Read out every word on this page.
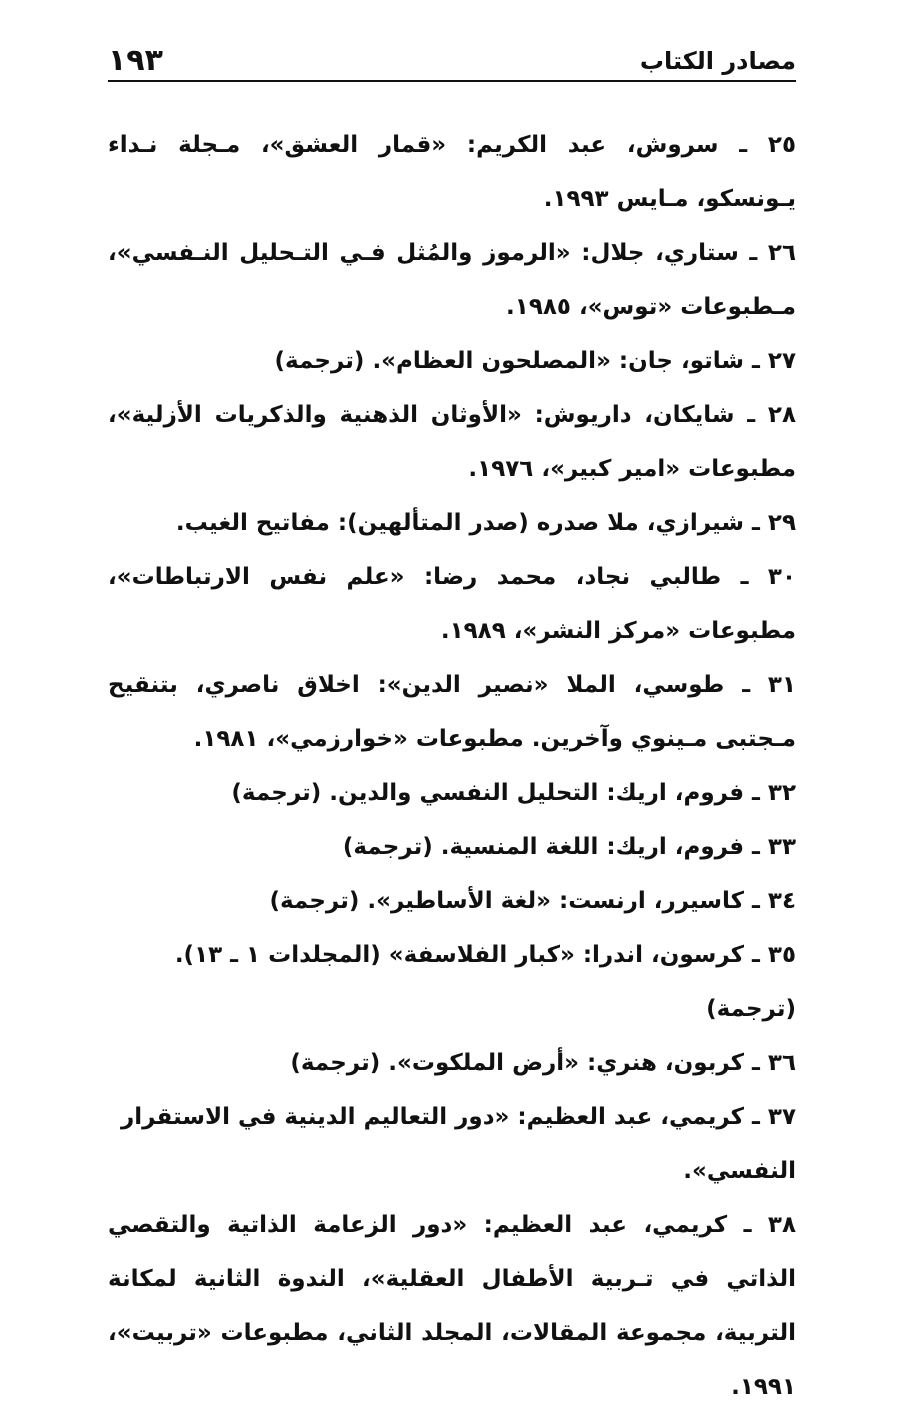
مصادر الكتاب
١٩٣

٢٥ ـ سروش، عبد الكريم: «قمار العشق»، مـجلة نـداء يـونسكو، مـايس ١٩٩٣.

٢٦ ـ ستاري، جلال: «الرموز والمُثل فـي التـحليل النـفسي»، مـطبوعات «توس»، ١٩٨٥.

٢٧ ـ شاتو، جان: «المصلحون العظام». (ترجمة)

٢٨ ـ شايكان، داريوش: «الأوثان الذهنية والذكريات الأزلية»، مطبوعات «امير كبير»، ١٩٧٦.

٢٩ ـ شيرازي، ملا صدره (صدر المتألهين): مفاتيح الغيب.

٣٠ ـ طالبي نجاد، محمد رضا: «علم نفس الارتباطات»، مطبوعات «مركز النشر»، ١٩٨٩.

٣١ ـ طوسي، الملا «نصير الدين»: اخلاق ناصري، بتنقيح مـجتبى مـينوي وآخرين. مطبوعات «خوارزمي»، ١٩٨١.

٣٢ ـ فروم، اريك: التحليل النفسي والدين. (ترجمة)

٣٣ ـ فروم، اريك: اللغة المنسية. (ترجمة)

٣٤ ـ كاسيرر، ارنست: «لغة الأساطير». (ترجمة)

٣٥ ـ كرسون، اندرا: «كبار الفلاسفة» (المجلدات ١ ـ ١٣). (ترجمة)

٣٦ ـ كربون، هنري: «أرض الملكوت». (ترجمة)

٣٧ ـ كريمي، عبد العظيم: «دور التعاليم الدينية في الاستقرار النفسي».

٣٨ ـ كريمي، عبد العظيم: «دور الزعامة الذاتية والتقصي الذاتي في تـربية الأطفال العقلية»، الندوة الثانية لمكانة التربية، مجموعة المقالات، المجلد الثاني، مطبوعات «تربيت»، ١٩٩١.
